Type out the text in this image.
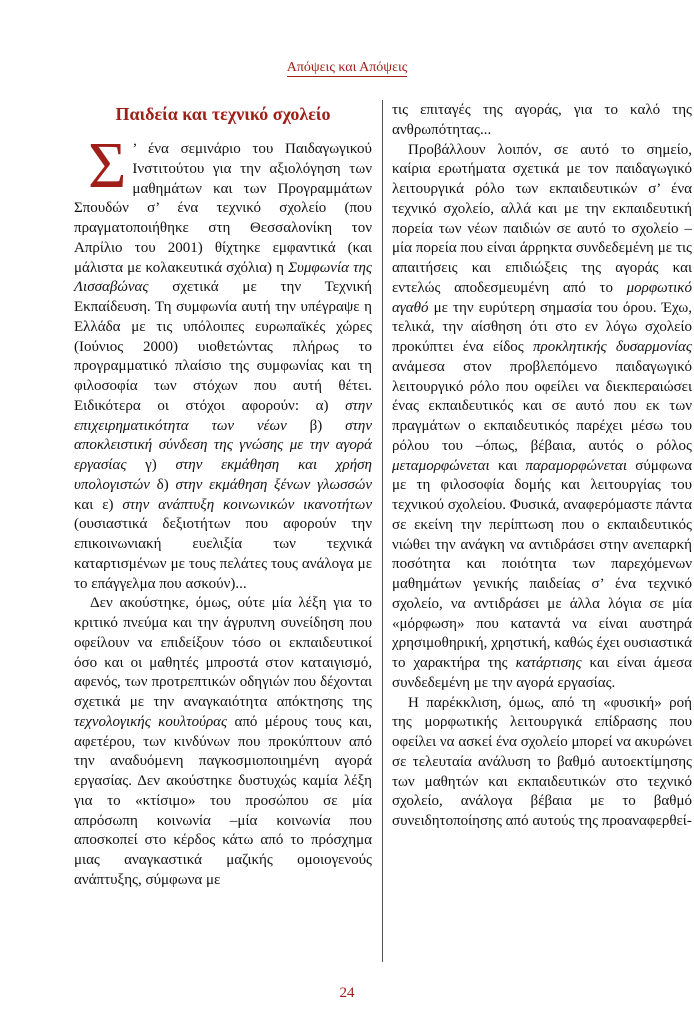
Απόψεις και Απόψεις
Παιδεία και τεχνικό σχολείο

Σ ’ ένα σεμινάριο του Παιδαγωγικού Ινστιτούτου για την αξιολόγηση των μαθημάτων και των Προγραμμάτων Σπουδών σ’ ένα τεχνικό σχολείο (που πραγματοποιήθηκε στη Θεσσαλονίκη τον Απρίλιο του 2001) θίχτηκε εμφαντικά (και μάλιστα με κολακευτικά σχόλια) η Συμφωνία της Λισσαβώνας σχετικά με την Τεχνική Εκπαίδευση. Τη συμφωνία αυτή την υπέγραψε η Ελλάδα με τις υπόλοιπες ευρωπαϊκές χώρες (Ιούνιος 2000) υιοθετώντας πλήρως το προγραμματικό πλαίσιο της συμφωνίας και τη φιλοσοφία των στόχων που αυτή θέτει. Ειδικότερα οι στόχοι αφορούν: α) στην επιχειρηματικότητα των νέων β) στην αποκλειστική σύνδεση της γνώσης με την αγορά εργασίας γ) στην εκμάθηση και χρήση υπολογιστών δ) στην εκμάθηση ξένων γλωσσών και ε) στην ανάπτυξη κοινωνικών ικανοτήτων (ουσιαστικά δεξιοτήτων που αφορούν την επικοινωνιακή ευελιξία των τεχνικά καταρτισμένων με τους πελάτες τους ανάλογα με το επάγγελμα που ασκούν)...

Δεν ακούστηκε, όμως, ούτε μία λέξη για το κριτικό πνεύμα και την άγρυπνη συνείδηση που οφείλουν να επιδείξουν τόσο οι εκπαιδευτικοί όσο και οι μαθητές μπροστά στον καταιγισμό, αφενός, των προτρεπτικών οδηγιών που δέχονται σχετικά με την αναγκαιότητα απόκτησης της τεχνολογικής κουλτούρας από μέρους τους και, αφετέρου, των κινδύνων που προκύπτουν από την αναδυόμενη παγκοσμιοποιημένη αγορά εργασίας. Δεν ακούστηκε δυστυχώς καμία λέξη για το «κτίσιμο» του προσώπου σε μία απρόσωπη κοινωνία –μία κοινωνία που αποσκοπεί στο κέρδος κάτω από το πρόσχημα μιας αναγκαστικά μαζικής ομοιογενούς ανάπτυξης, σύμφωνα με

τις επιταγές της αγοράς, για το καλό της ανθρωπότητας...

Προβάλλουν λοιπόν, σε αυτό το σημείο, καίρια ερωτήματα σχετικά με τον παιδαγωγικό λειτουργικά ρόλο των εκπαιδευτικών σ’ ένα τεχνικό σχολείο, αλλά και με την εκπαιδευτική πορεία των νέων παιδιών σε αυτό το σχολείο –μία πορεία που είναι άρρηκτα συνδεδεμένη με τις απαιτήσεις και επιδιώξεις της αγοράς και εντελώς αποδεσμευμένη από το μορφωτικό αγαθό με την ευρύτερη σημασία του όρου. Έχω, τελικά, την αίσθηση ότι στο εν λόγω σχολείο προκύπτει ένα είδος προκλητικής δυσαρμονίας ανάμεσα στον προβλεπόμενο παιδαγωγικό λειτουργικό ρόλο που οφείλει να διεκπεραιώσει ένας εκπαιδευτικός και σε αυτό που εκ των πραγμάτων ο εκπαιδευτικός παρέχει μέσω του ρόλου του –όπως, βέβαια, αυτός ο ρόλος μεταμορφώνεται και παραμορφώνεται σύμφωνα με τη φιλοσοφία δομής και λειτουργίας του τεχνικού σχολείου. Φυσικά, αναφερόμαστε πάντα σε εκείνη την περίπτωση που ο εκπαιδευτικός νιώθει την ανάγκη να αντιδράσει στην ανεπαρκή ποσότητα και ποιότητα των παρεχόμενων μαθημάτων γενικής παιδείας σ’ ένα τεχνικό σχολείο, να αντιδράσει με άλλα λόγια σε μία «μόρφωση» που καταντά να είναι αυστηρά χρησιμοθηρική, χρηστική, καθώς έχει ουσιαστικά το χαρακτήρα της κατάρτισης και είναι άμεσα συνδεδεμένη με την αγορά εργασίας.

Η παρέκκλιση, όμως, από τη «φυσική» ροή της μορφωτικής λειτουργικά επίδρασης που οφείλει να ασκεί ένα σχολείο μπορεί να ακυρώνει σε τελευταία ανάλυση το βαθμό αυτοεκτίμησης των μαθητών και εκπαιδευτικών στο τεχνικό σχολείο, ανάλογα βέβαια με το βαθμό συνειδητοποίησης από αυτούς της προαναφερθεί-

24
